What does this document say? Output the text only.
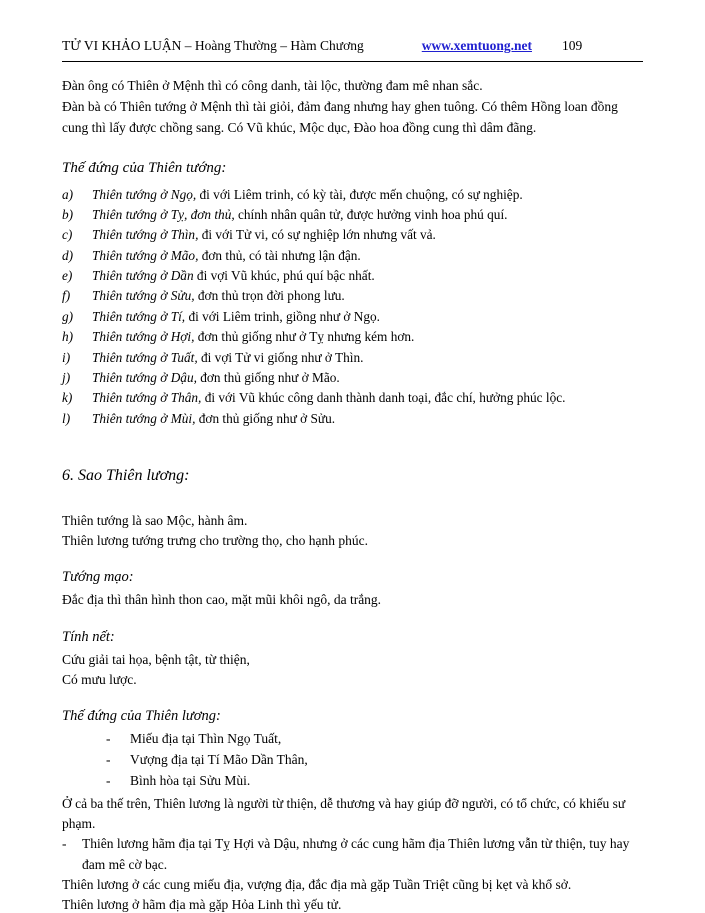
TỬ VI KHẢO LUẬN – Hoàng Thường – Hàm Chương	www.xemtuong.net 109

Đàn ông có Thiên ở Mệnh thì có công danh, tài lộc, thường đam mê nhan sắc.

Đàn bà có Thiên tướng ở Mệnh thì tài giỏi, đảm đang nhưng hay ghen tuông. Có thêm Hồng loan đồng cung thì lấy được chồng sang. Có Vũ khúc, Mộc dục, Đào hoa đồng cung thì dâm đãng.

Thế đứng của Thiên tướng:
a) Thiên tướng ở Ngọ, đi với Liêm trinh, có kỳ tài, được mến chuộng, có sự nghiệp.
b) Thiên tướng ở Tỵ, đơn thủ, chính nhân quân tử, được hưởng vinh hoa phú quí.
c) Thiên tướng ở Thìn, đi với Tử vi, có sự nghiệp lớn nhưng vất vả.
d) Thiên tướng ở Mão, đơn thủ, có tài nhưng lận đận.
e) Thiên tướng ở Dần đi vợi Vũ khúc, phú quí bậc nhất.
f) Thiên tướng ở Sửu, đơn thủ trọn đời phong lưu.
g) Thiên tướng ở Tí, đi với Liêm trinh, giồng như ở Ngọ.
h) Thiên tướng ở Hợi, đơn thủ giống như ở Tỵ nhưng kém hơn.
i) Thiên tướng ở Tuất, đi vợi Tử vi giống như ở Thìn.
j) Thiên tướng ở Dậu, đơn thủ giống như ở Mão.
k) Thiên tướng ở Thân, đi với Vũ khúc công danh thành danh toại, đắc chí, hưởng phúc lộc.
l) Thiên tướng ở Mùi, đơn thủ giống như ở Sửu.
6. Sao Thiên lương:

Thiên tướng là sao Mộc, hành âm.

Thiên lương tướng trưng cho trường thọ, cho hạnh phúc.

Tướng mạo:

Đắc địa thì thân hình thon cao, mặt mũi khôi ngô, da trắng.

Tính nết:

Cứu giải tai họa, bệnh tật, từ thiện,

Có mưu lược.

Thế đứng của Thiên lương:
- Miếu địa tại Thìn Ngọ Tuất,
- Vượng địa tại Tí Mão Dần Thân,
- Bình hòa tại Sửu Mùi.

Ở cả ba thế trên, Thiên lương là người từ thiện, dễ thương và hay giúp đỡ người, có tổ chức, có khiếu sư phạm.

- Thiên lương hãm địa tại Tỵ Hợi và Dậu, nhưng ở các cung hãm địa Thiên lương vẫn từ thiện, tuy hay đam mê cờ bạc.

Thiên lương ở các cung miếu địa, vượng địa, đắc địa mà gặp Tuần Triệt cũng bị kẹt và khổ sở.

Thiên lương ở hãm địa mà gặp Hỏa Linh thì yếu tử.
